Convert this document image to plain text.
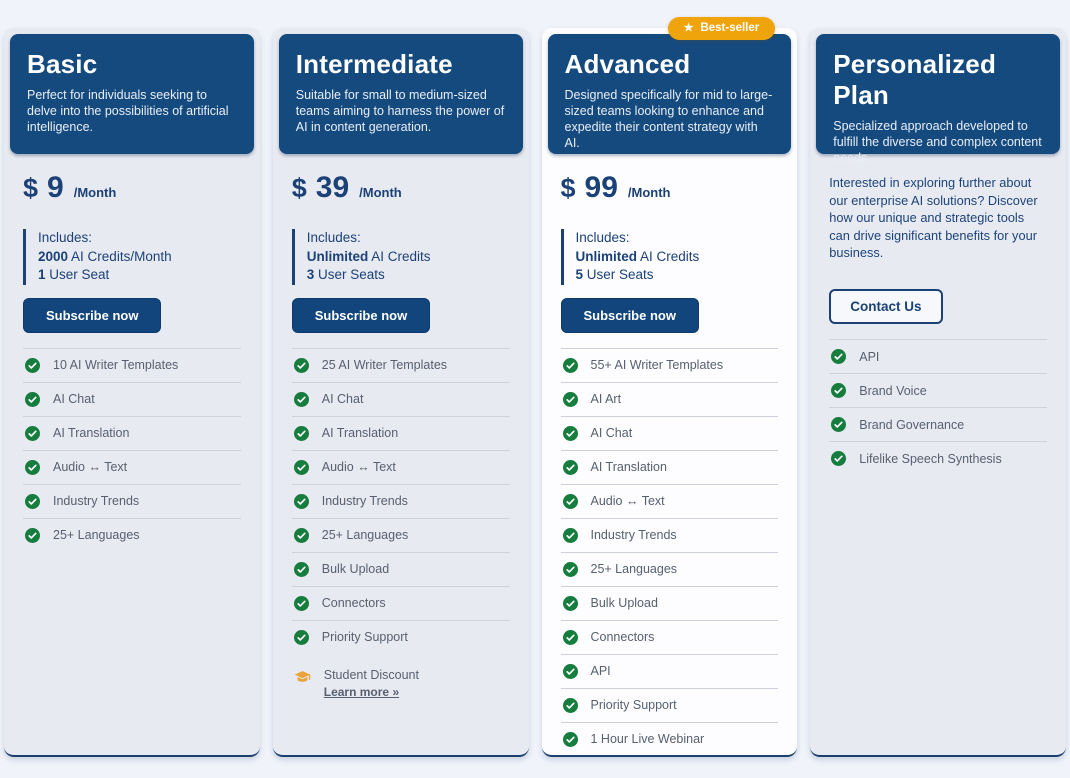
Basic

Perfect for individuals seeking to delve into the possibilities of artificial intelligence.

$ 9 /Month
Includes:
2000 AI Credits/Month
1 User Seat
Subscribe now
10 AI Writer Templates
AI Chat
AI Translation
Audio ↔ Text
Industry Trends
25+ Languages
Intermediate

Suitable for small to medium-sized teams aiming to harness the power of AI in content generation.

$ 39 /Month
Includes:
Unlimited AI Credits
3 User Seats
Subscribe now
25 AI Writer Templates
AI Chat
AI Translation
Audio ↔ Text
Industry Trends
25+ Languages
Bulk Upload
Connectors
Priority Support
Student Discount
Learn more »
★ Best-seller
Advanced

Designed specifically for mid to large-sized teams looking to enhance and expedite their content strategy with AI.

$ 99 /Month
Includes:
Unlimited AI Credits
5 User Seats
Subscribe now
55+ AI Writer Templates
AI Art
AI Chat
AI Translation
Audio ↔ Text
Industry Trends
25+ Languages
Bulk Upload
Connectors
API
Priority Support
1 Hour Live Webinar
Personalized Plan

Specialized approach developed to fulfill the diverse and complex content needs.

Interested in exploring further about our enterprise AI solutions? Discover how our unique and strategic tools can drive significant benefits for your business.

Contact Us
API
Brand Voice
Brand Governance
Lifelike Speech Synthesis
